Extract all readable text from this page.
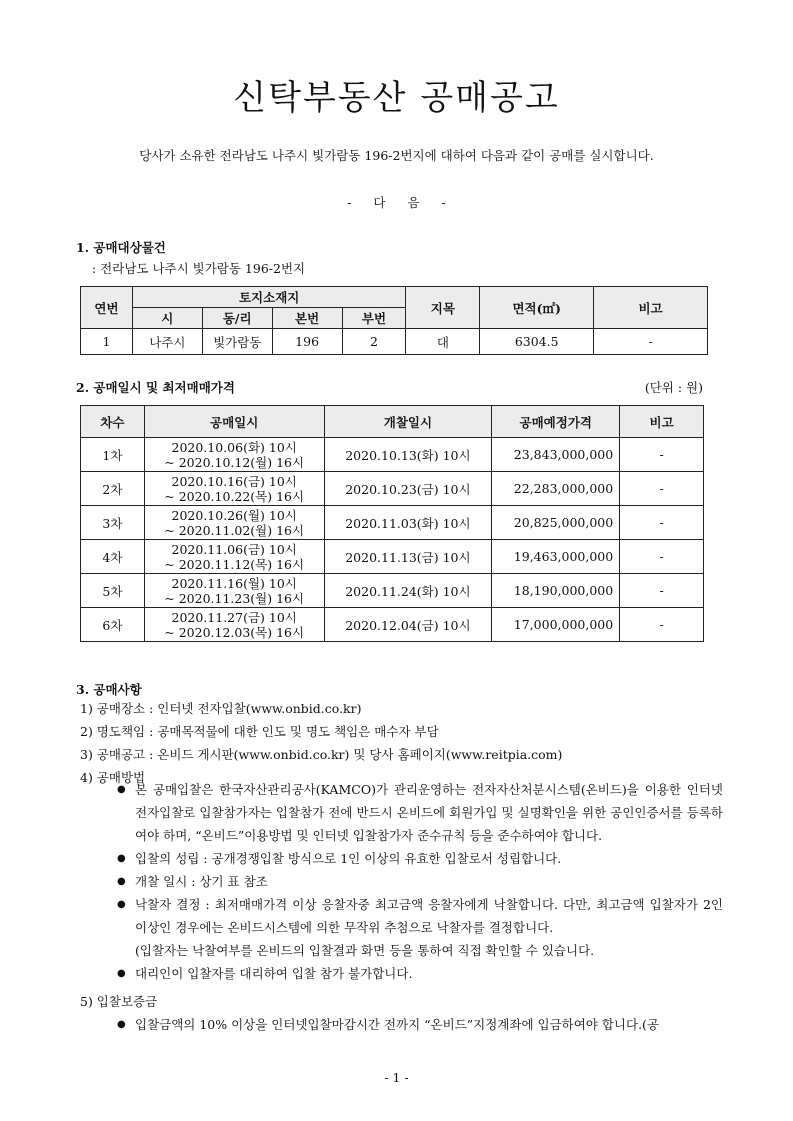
신탁부동산 공매공고
당사가 소유한 전라남도 나주시 빛가람동 196-2번지에 대하여 다음과 같이 공매를 실시합니다.
- 다 음 -
1. 공매대상물건
: 전라남도 나주시 빛가람동 196-2번지
연번	토지소재지				지목	면적(㎡)	비고
	시	동/리	본번	부번			
1	나주시	빛가람동	196	2	대	6304.5	-
2. 공매일시 및 최저매매가격	(단위 : 원)
차수	공매일시	개찰일시	공매예정가격	비고
1차	2020.10.06(화) 10시
~ 2020.10.12(월) 16시	2020.10.13(화) 10시	23,843,000,000	-
2차	2020.10.16(금) 10시
~ 2020.10.22(목) 16시	2020.10.23(금) 10시	22,283,000,000	-
3차	2020.10.26(월) 10시
~ 2020.11.02(월) 16시	2020.11.03(화) 10시	20,825,000,000	-
4차	2020.11.06(금) 10시
~ 2020.11.12(목) 16시	2020.11.13(금) 10시	19,463,000,000	-
5차	2020.11.16(월) 10시
~ 2020.11.23(월) 16시	2020.11.24(화) 10시	18,190,000,000	-
6차	2020.11.27(금) 10시
~ 2020.12.03(목) 16시	2020.12.04(금) 10시	17,000,000,000	-
3. 공매사항
1) 공매장소 : 인터넷 전자입찰(www.onbid.co.kr)
2) 명도책임 : 공매목적물에 대한 인도 및 명도 책임은 매수자 부담
3) 공매공고 : 온비드 게시판(www.onbid.co.kr) 및 당사 홈페이지(www.reitpia.com)
4) 공매방법
● 본 공매입찰은 한국자산관리공사(KAMCO)가 관리운영하는 전자자산처분시스템(온비드)을 이용한 인터넷 전자입찰로 입찰참가자는 입찰참가 전에 반드시 온비드에 회원가입 및 실명확인을 위한 공인인증서를 등록하여야 하며, “온비드”이용방법 및 인터넷 입찰참가자 준수규칙 등을 준수하여야 합니다.
● 입찰의 성립 : 공개경쟁입찰 방식으로 1인 이상의 유효한 입찰로서 성립합니다.
● 개찰 일시 : 상기 표 참조
● 낙찰자 결정 : 최저매매가격 이상 응찰자중 최고금액 응찰자에게 낙찰합니다. 다만, 최고금액 입찰자가 2인 이상인 경우에는 온비드시스템에 의한 무작위 추첨으로 낙찰자를 결정합니다.
(입찰자는 낙찰여부를 온비드의 입찰결과 화면 등을 통하여 직접 확인할 수 있습니다.
● 대리인이 입찰자를 대리하여 입찰 참가 불가합니다.
5) 입찰보증금
● 입찰금액의 10% 이상을 인터넷입찰마감시간 전까지 “온비드”지정계좌에 입금하여야 합니다.(공
- 1 -
